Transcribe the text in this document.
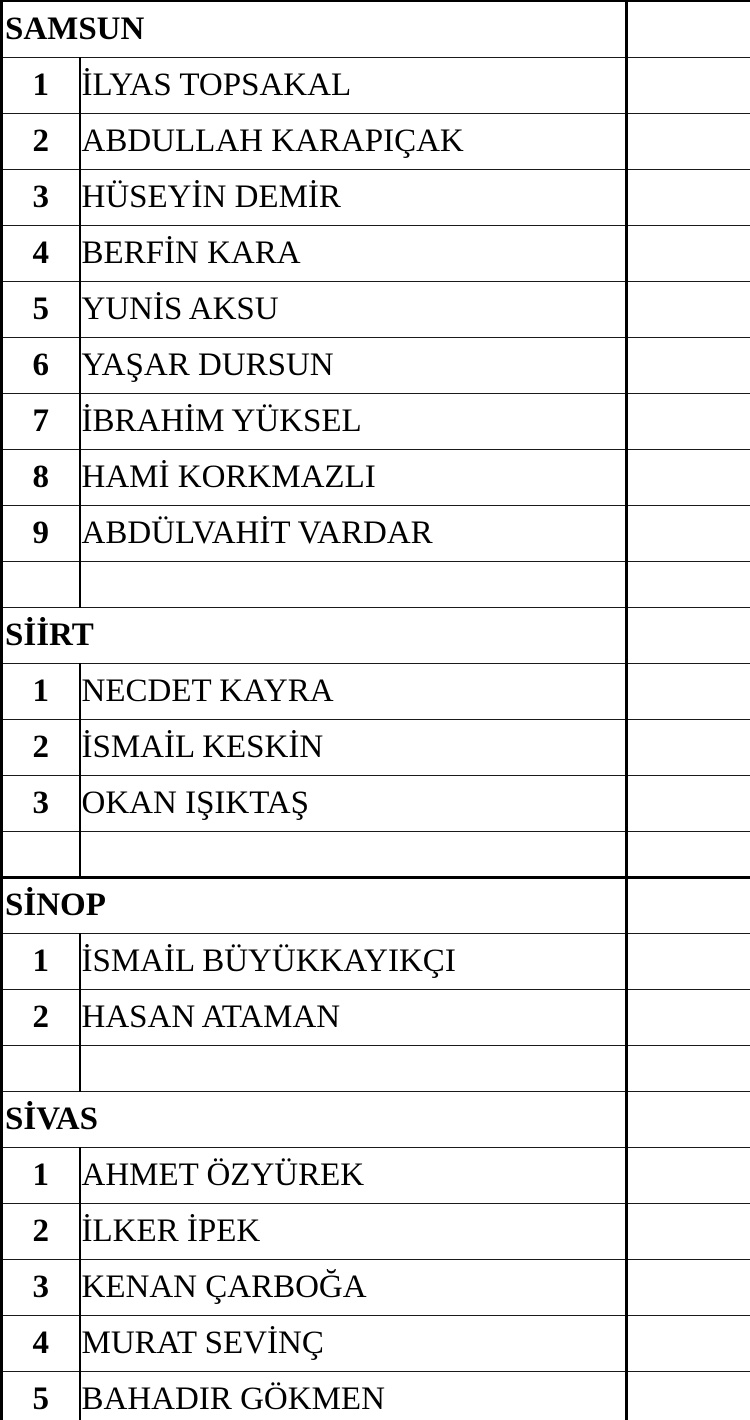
SAMSUN		
1	İLYAS TOPSAKAL	
2	ABDULLAH KARAPIÇAK	
3	HÜSEYİN DEMİR	
4	BERFİN KARA	
5	YUNİS AKSU	
6	YAŞAR DURSUN	
7	İBRAHİM YÜKSEL	
8	HAMİ KORKMAZLI	
9	ABDÜLVAHİT VARDAR	

SİİRT		
1	NECDET KAYRA	
2	İSMAİL KESKİN	
3	OKAN IŞIKTAŞ	

SİNOP		
1	İSMAİL BÜYÜKKAYIKÇI	
2	HASAN ATAMAN	

SİVAS		
1	AHMET ÖZYÜREK	
2	İLKER İPEK	
3	KENAN ÇARBOĞA	
4	MURAT SEVİNÇ	
5	BAHADIR GÖKMEN	
